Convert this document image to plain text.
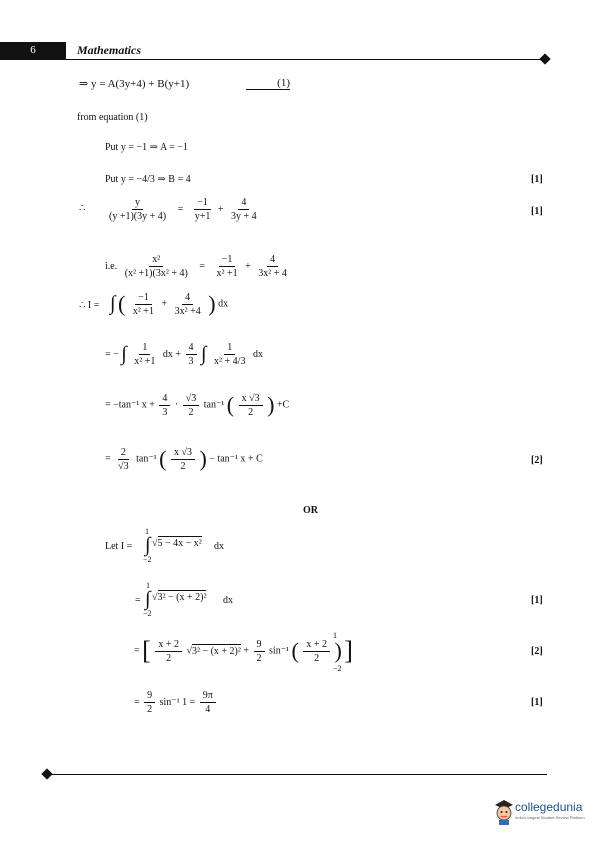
6	Mathematics
⇒ y = A(3y+4) + B(y+1)	(1)
from equation (1)
Put y = −1 ⇒ A = −1
Put y = −4/3 ⇒ B = 4	[1]
∴ $\frac{y}{(y +1)(3y + 4)} = \frac{-1}{y+1} + \frac{4}{3y + 4}$	[1]
i.e. $\frac{\text{x²}}{\text{(x² +1)(3x² + 4)}} = \frac{-1}{\text{x² +1}} + \frac{4}{\text{3x² + 4}}$
∴ I = ∫ ( $\frac{-1}{\text{x² +1}} + \frac{4}{\text{3x² +4}}$ ) dx
= − ∫ $\frac{1}{\text{x² +1}}$ dx + $\frac{4}{3}$ ∫ $\frac{1}{\text{x² + 4/3}}$ dx
= −tan⁻¹ $x + \frac{4}{3} \cdot \frac{√3}{2} \tan^{-1}$ ( $\frac{x √3}{2}$ ) +C
= $\frac{2}{√3} \tan^{-1}$ ( $\frac{x √3}{2}$ ) − tan⁻¹ x + C	[2]
OR
Let I =
1
∫
−2
√5 − 4x − x² dx
=
1
∫
−2
√3² − (x + 2)² dx	[1]
= [ $\frac{x + 2}{2} √3^2 - (x + 2)^2 + \frac{9}{2} \sin^{-1}$ ( $\frac{x + 2}{2}$ ) ]
1
−2
[2]
= $\frac{9}{2} \sin^{-1}$ $1 = \frac{9\pi}{4}$	[1]
collegedunia
India's largest Student Review Platform
